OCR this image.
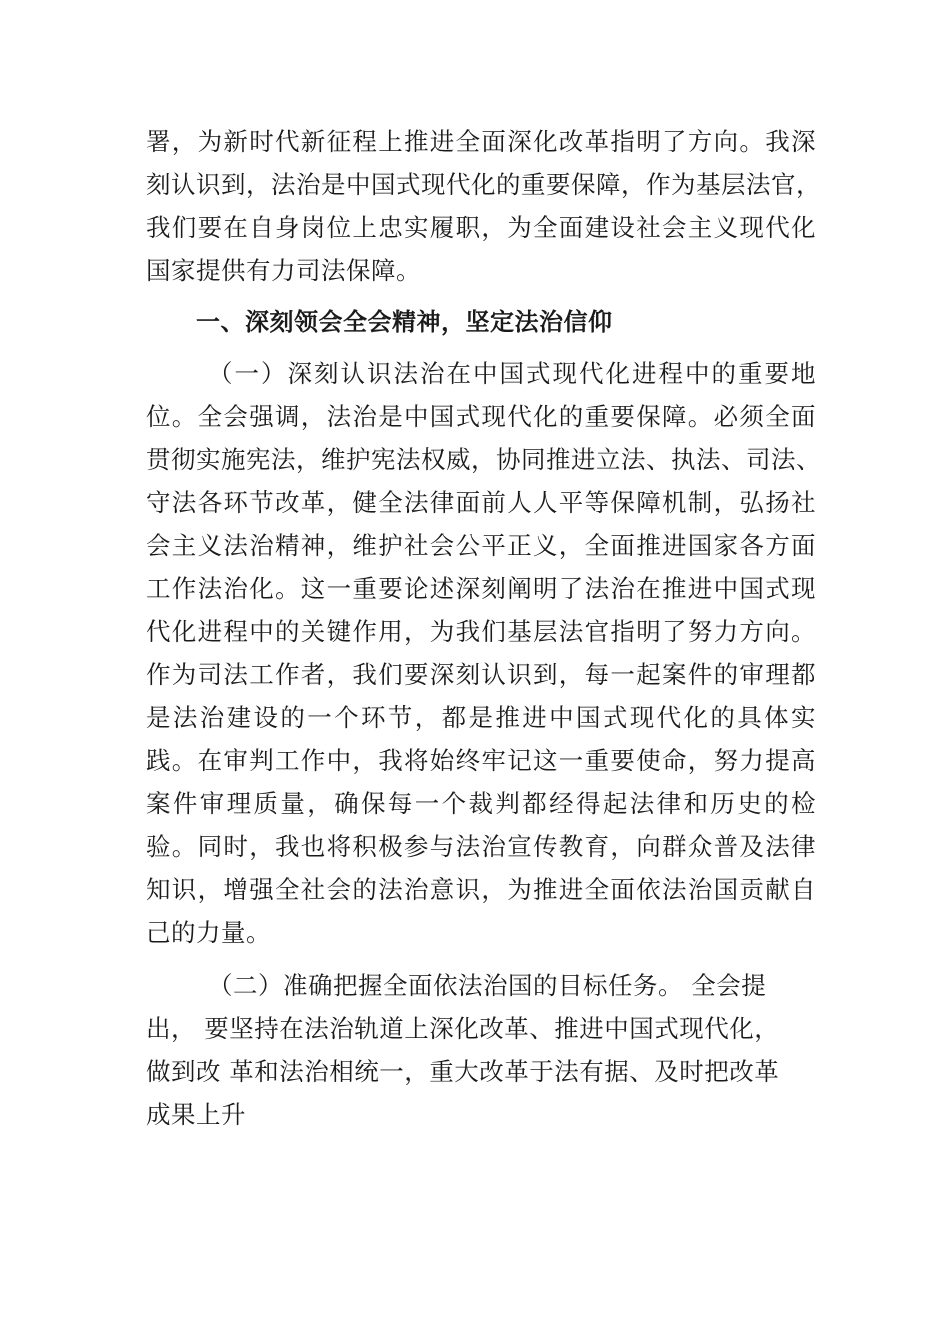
署，为新时代新征程上推进全面深化改革指明了方向。我深
刻认识到，法治是中国式现代化的重要保障，作为基层法官，
我们要在自身岗位上忠实履职，为全面建设社会主义现代化
国家提供有力司法保障。
一、深刻领会全会精神，坚定法治信仰
（一）深刻认识法治在中国式现代化进程中的重要地
位。全会强调，法治是中国式现代化的重要保障。必须全面
贯彻实施宪法，维护宪法权威，协同推进立法、执法、司法、
守法各环节改革，健全法律面前人人平等保障机制，弘扬社
会主义法治精神，维护社会公平正义，全面推进国家各方面
工作法治化。这一重要论述深刻阐明了法治在推进中国式现
代化进程中的关键作用，为我们基层法官指明了努力方向。
作为司法工作者，我们要深刻认识到，每一起案件的审理都
是法治建设的一个环节，都是推进中国式现代化的具体实
践。在审判工作中，我将始终牢记这一重要使命，努力提高
案件审理质量，确保每一个裁判都经得起法律和历史的检
验。同时，我也将积极参与法治宣传教育，向群众普及法律
知识，增强全社会的法治意识，为推进全面依法治国贡献自
己的力量。
（二）准确把握全面依法治国的目标任务。 全会提
出， 要坚持在法治轨道上深化改革、推进中国式现代化，
做到改 革和法治相统一，重大改革于法有据、及时把改革
成果上升
